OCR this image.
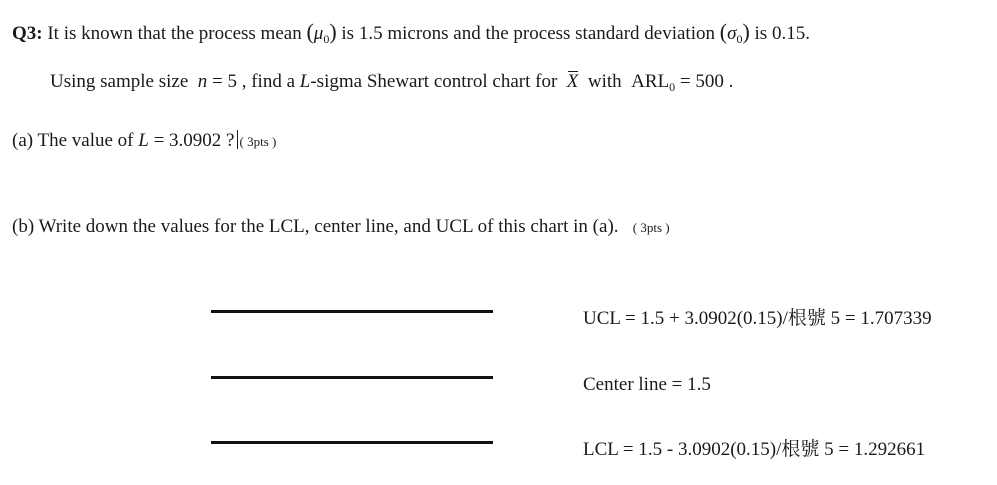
Q3: It is known that the process mean $(\mu_0)$ is 1.5 microns and the process standard deviation $(\sigma_0)$ is 0.15.
Using sample size n = 5 , find a L-sigma Shewart control chart for X with $ARL_0 = 500$ .
(a) The value of L = 3.0902 ? ( 3pts )
(b) Write down the values for the LCL, center line, and UCL of this chart in (a). ( 3pts )
UCL = 1.5 + 3.0902(0.15)/根號 5 = 1.707339
Center line = 1.5
LCL = 1.5 - 3.0902(0.15)/根號 5 = 1.292661
